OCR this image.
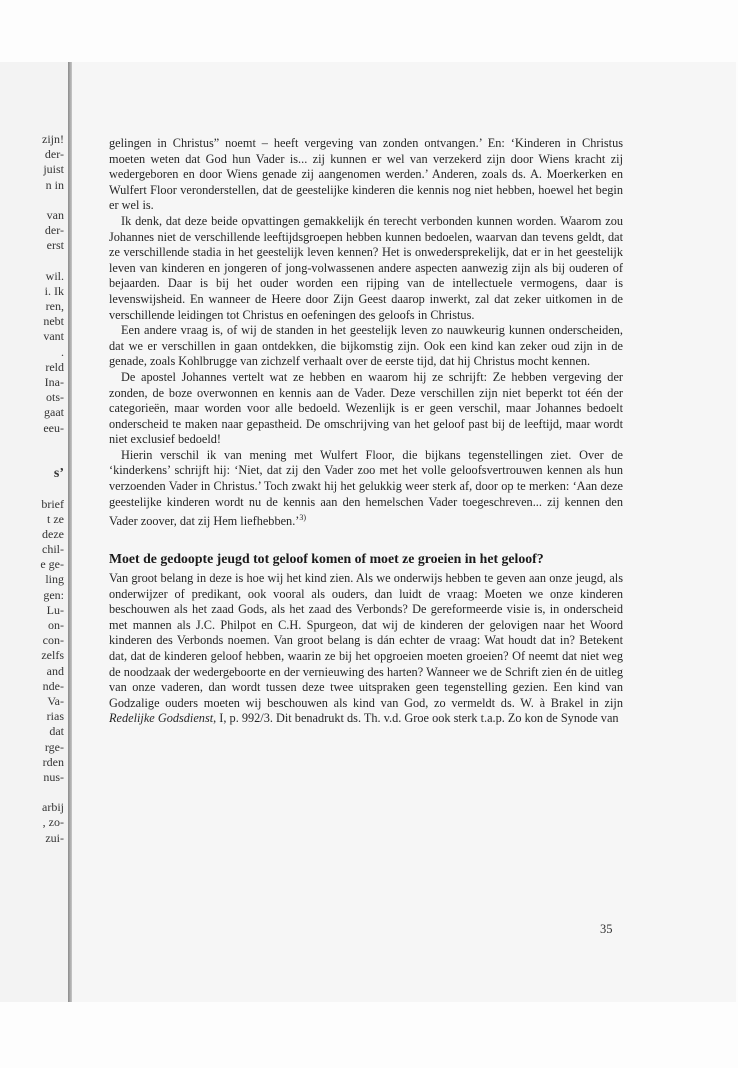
zijn!
der-
juist
n in
van
der-
erst
wil.
i. Ik
ren,
nebt
vant
.
reld
Ina-
ots-
gaat
eeu-
s’
brief
t ze
deze
chil-
e ge-
ling
gen:
Lu-
on-
con-
zelfs
and
nde-
Va-
rias
dat
rge-
rden
nus-
arbij
, zo-
zui-

gelingen in Christus” noemt – heeft vergeving van zonden ontvangen.’ En: ‘Kinderen in Christus moeten weten dat God hun Vader is... zij kunnen er wel van verzekerd zijn door Wiens kracht zij wedergeboren en door Wiens genade zij aangenomen werden.’ Anderen, zoals ds. A. Moerkerken en Wulfert Floor veronderstellen, dat de geestelijke kinderen die kennis nog niet hebben, hoewel het begin er wel is.

Ik denk, dat deze beide opvattingen gemakkelijk én terecht verbonden kunnen worden. Waarom zou Johannes niet de verschillende leeftijdsgroepen hebben kunnen bedoelen, waarvan dan tevens geldt, dat ze verschillende stadia in het geestelijk leven kennen? Het is onwedersprekelijk, dat er in het geestelijk leven van kinderen en jongeren of jong-volwassenen andere aspecten aanwezig zijn als bij ouderen of bejaarden. Daar is bij het ouder worden een rijping van de intellectuele vermogens, daar is levenswijsheid. En wanneer de Heere door Zijn Geest daarop inwerkt, zal dat zeker uitkomen in de verschillende leidingen tot Christus en oefeningen des geloofs in Christus.

Een andere vraag is, of wij de standen in het geestelijk leven zo nauwkeurig kunnen onderscheiden, dat we er verschillen in gaan ontdekken, die bijkomstig zijn. Ook een kind kan zeker oud zijn in de genade, zoals Kohlbrugge van zichzelf verhaalt over de eerste tijd, dat hij Christus mocht kennen.

De apostel Johannes vertelt wat ze hebben en waarom hij ze schrijft: Ze hebben vergeving der zonden, de boze overwonnen en kennis aan de Vader. Deze verschillen zijn niet beperkt tot één der categorieën, maar worden voor alle bedoeld. Wezenlijk is er geen verschil, maar Johannes bedoelt onderscheid te maken naar gepastheid. De omschrijving van het geloof past bij de leeftijd, maar wordt niet exclusief bedoeld!

Hierin verschil ik van mening met Wulfert Floor, die bijkans tegenstellingen ziet. Over de ‘kinderkens’ schrijft hij: ‘Niet, dat zij den Vader zoo met het volle geloofsvertrouwen kennen als hun verzoenden Vader in Christus.’ Toch zwakt hij het gelukkig weer sterk af, door op te merken: ‘Aan deze geestelijke kinderen wordt nu de kennis aan den hemelschen Vader toegeschreven... zij kennen den Vader zoover, dat zij Hem liefhebben.’$^{3)}$

Moet de gedoopte jeugd tot geloof komen of moet ze groeien in het geloof?

Van groot belang in deze is hoe wij het kind zien. Als we onderwijs hebben te geven aan onze jeugd, als onderwijzer of predikant, ook vooral als ouders, dan luidt de vraag: Moeten we onze kinderen beschouwen als het zaad Gods, als het zaad des Verbonds? De gereformeerde visie is, in onderscheid met mannen als J.C. Philpot en C.H. Spurgeon, dat wij de kinderen der gelovigen naar het Woord kinderen des Verbonds noemen. Van groot belang is dán echter de vraag: Wat houdt dat in? Betekent dat, dat de kinderen geloof hebben, waarin ze bij het opgroeien moeten groeien? Of neemt dat niet weg de noodzaak der wedergeboorte en der vernieuwing des harten? Wanneer we de Schrift zien én de uitleg van onze vaderen, dan wordt tussen deze twee uitspraken geen tegenstelling gezien. Een kind van Godzalige ouders moeten wij beschouwen als kind van God, zo vermeldt ds. W. à Brakel in zijn Redelijke Godsdienst, I, p. 992/3. Dit benadrukt ds. Th. v.d. Groe ook sterk t.a.p. Zo kon de Synode van

35
